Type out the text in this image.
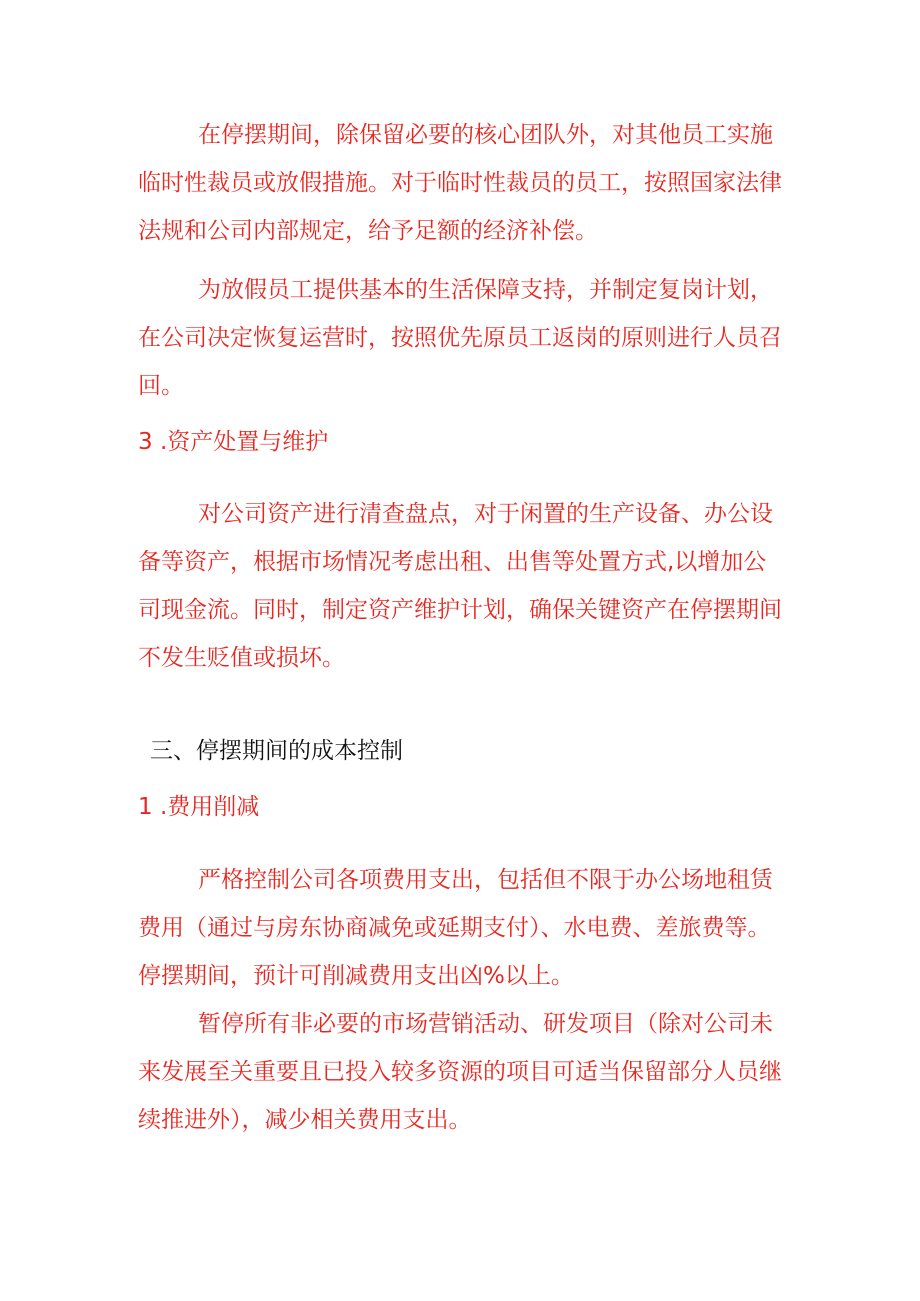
在停摆期间，除保留必要的核心团队外，对其他员工实施临时性裁员或放假措施。对于临时性裁员的员工，按照国家法律法规和公司内部规定，给予足额的经济补偿。

为放假员工提供基本的生活保障支持，并制定复岗计划，在公司决定恢复运营时，按照优先原员工返岗的原则进行人员召回。

3 .资产处置与维护

对公司资产进行清查盘点，对于闲置的生产设备、办公设备等资产，根据市场情况考虑出租、出售等处置方式,以增加公司现金流。同时，制定资产维护计划，确保关键资产在停摆期间不发生贬值或损坏。

三、停摆期间的成本控制

1 .费用削减

严格控制公司各项费用支出，包括但不限于办公场地租赁费用（通过与房东协商减免或延期支付）、水电费、差旅费等。停摆期间，预计可削减费用支出凶%以上。

暂停所有非必要的市场营销活动、研发项目（除对公司未来发展至关重要且已投入较多资源的项目可适当保留部分人员继续推进外），减少相关费用支出。
